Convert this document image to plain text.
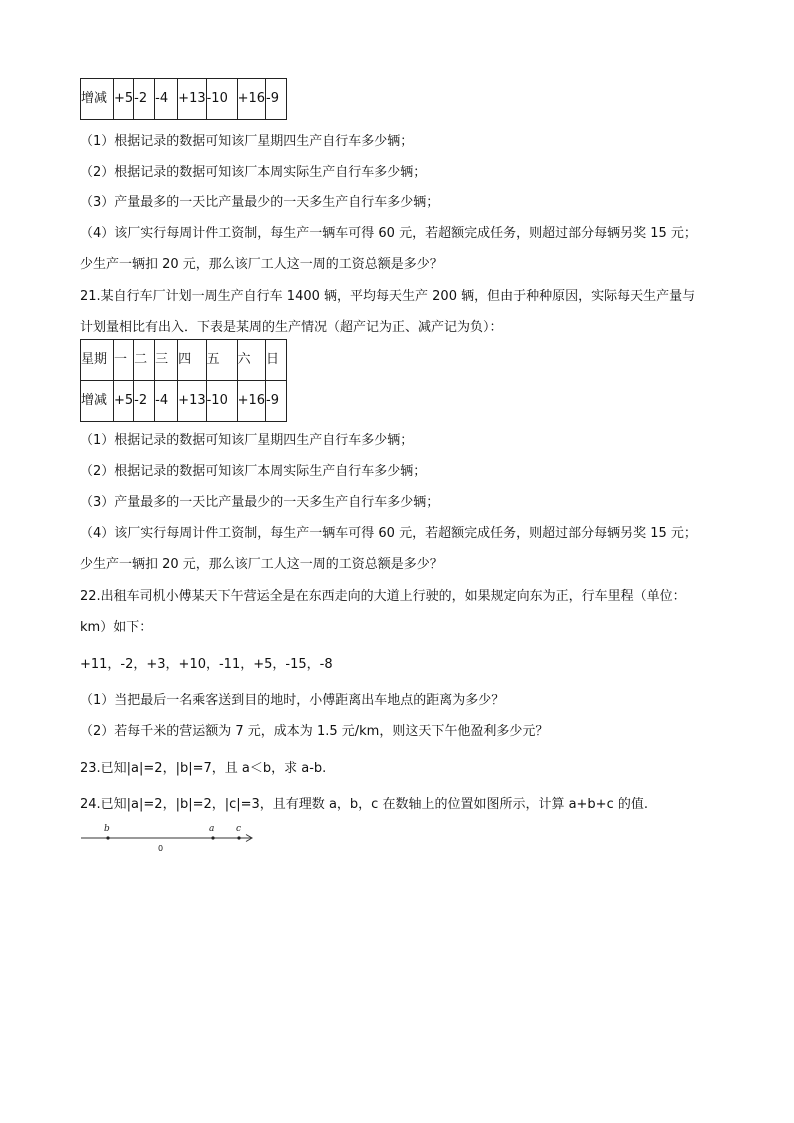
增减	+5	-2	-4	+13	-10	+16	-9
（1）根据记录的数据可知该厂星期四生产自行车多少辆；
（2）根据记录的数据可知该厂本周实际生产自行车多少辆；
（3）产量最多的一天比产量最少的一天多生产自行车多少辆；
（4）该厂实行每周计件工资制，每生产一辆车可得 60 元，若超额完成任务，则超过部分每辆另奖 15 元；
少生产一辆扣 20 元，那么该厂工人这一周的工资总额是多少？
21.某自行车厂计划一周生产自行车 1400 辆，平均每天生产 200 辆，但由于种种原因，实际每天生产量与
计划量相比有出入．下表是某周的生产情况（超产记为正、减产记为负）：
星期	一	二	三	四	五	六	日
增减	+5	-2	-4	+13	-10	+16	-9
（1）根据记录的数据可知该厂星期四生产自行车多少辆；
（2）根据记录的数据可知该厂本周实际生产自行车多少辆；
（3）产量最多的一天比产量最少的一天多生产自行车多少辆；
（4）该厂实行每周计件工资制，每生产一辆车可得 60 元，若超额完成任务，则超过部分每辆另奖 15 元；
少生产一辆扣 20 元，那么该厂工人这一周的工资总额是多少？
22.出租车司机小傅某天下午营运全是在东西走向的大道上行驶的，如果规定向东为正，行车里程（单位：
km）如下：
+11，-2，+3，+10，-11，+5，-15，-8
（1）当把最后一名乘客送到目的地时，小傅距离出车地点的距离为多少？
（2）若每千米的营运额为 7 元，成本为 1.5 元/km，则这天下午他盈利多少元？
23.已知|a|=2，|b|=7，且 a＜b，求 a-b.
24.已知|a|=2，|b|=2，|c|=3，且有理数 a，b，c 在数轴上的位置如图所示，计算 a+b+c 的值.
b	a c
0
